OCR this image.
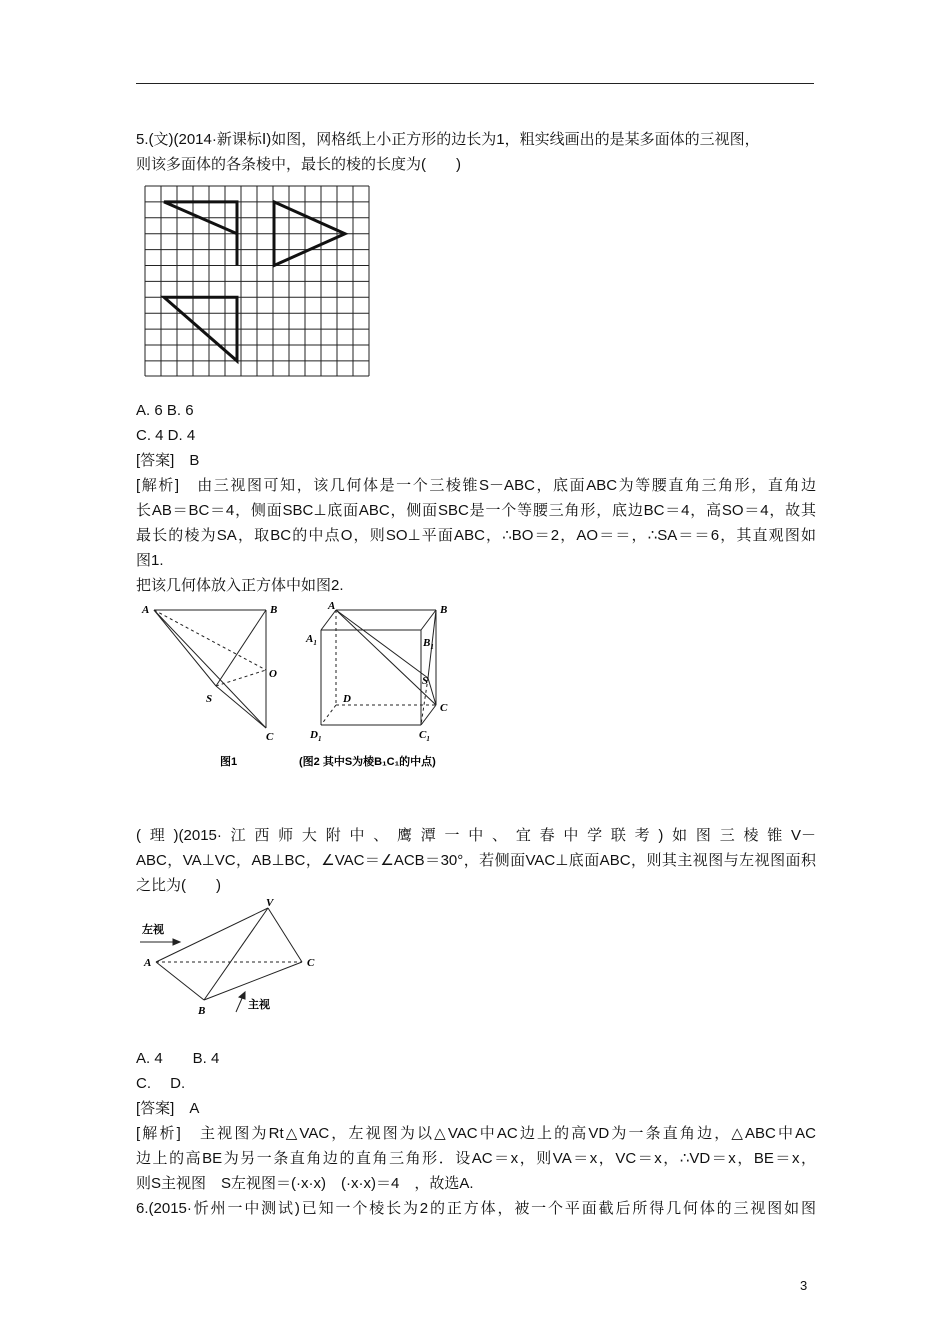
5.(文)(2014·新课标Ⅰ)如图，网格纸上小正方形的边长为1，粗实线画出的是某多面体的三视图，
则该多面体的各条棱中，最长的棱的长度为(　　)
A. 6 B. 6
C. 4 D. 4
[答案]　B
[解析]　由三视图可知，该几何体是一个三棱锥S－ABC，底面ABC为等腰直角三角形，直角边
长AB＝BC＝4，侧面SBC⊥底面ABC，侧面SBC是一个等腰三角形，底边BC＝4，高SO＝4，故其
最长的棱为SA，取BC的中点O，则SO⊥平面ABC，∴BO＝2，AO＝＝，∴SA＝＝6，其直观图如
图1.
把该几何体放入正方体中如图2.
A	B
O
S
C
图1
A	B
$A_1$	$B_1$
S
D
C
$D_1$	$C_1$
(图2 其中S为棱B₁C₁的中点)
(理)(2015·江西师大附中、鹰潭一中、宜春中学联考)如图三棱锥V－
ABC，VA⊥VC，AB⊥BC，∠VAC＝∠ACB＝30°，若侧面VAC⊥底面ABC，则其主视图与左视图面积
之比为(　　)
V
A	C
B
左视
主视
A. 4　　B. 4
C.　 D.
[答案]　A
[解析]　主视图为Rt△VAC，左视图为以△VAC中AC边上的高VD为一条直角边，△ABC中AC
边上的高BE为另一条直角边的直角三角形．设AC＝x，则VA＝x，VC＝x，∴VD＝x，BE＝x，
则S主视图　S左视图＝(·x·x)　(·x·x)＝4　，故选A.
6.(2015·忻州一中测试)已知一个棱长为2的正方体，被一个平面截后所得几何体的三视图如图
3
